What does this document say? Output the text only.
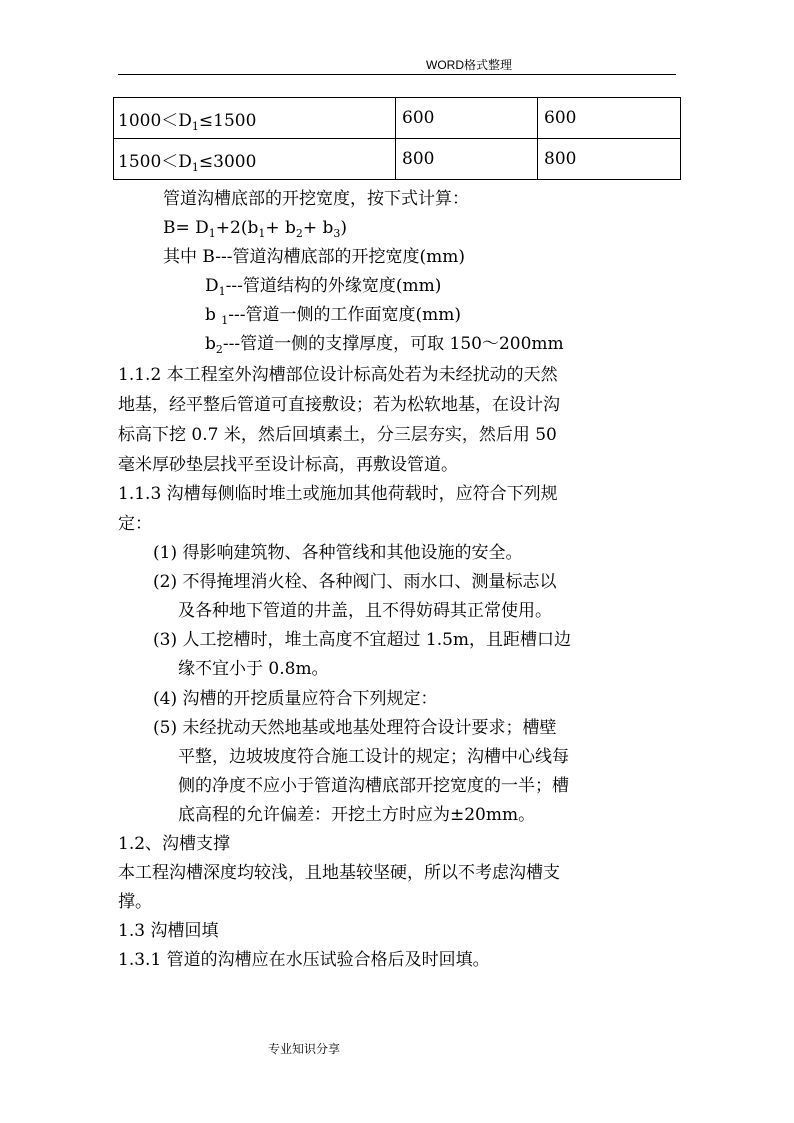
WORD格式整理
$1000<D_1\le 1500$	600	600
$1500<D_1\le 3000$	800	800
管道沟槽底部的开挖宽度，按下式计算：
$B= D_1+2(b_1+ b_2+ b_3)$
其中 B---管道沟槽底部的开挖宽度(mm)
$D_1---$管道结构的外缘宽度(mm)
b $_1$---管道一侧的工作面宽度(mm)
$b_2---$管道一侧的支撑厚度，可取 150～200mm
1.1.2 本工程室外沟槽部位设计标高处若为未经扰动的天然
地基，经平整后管道可直接敷设；若为松软地基，在设计沟
标高下挖 0.7 米，然后回填素土，分三层夯实，然后用 50
毫米厚砂垫层找平至设计标高，再敷设管道。
1.1.3 沟槽每侧临时堆土或施加其他荷载时，应符合下列规
定：
(1) 得影响建筑物、各种管线和其他设施的安全。
(2) 不得掩埋消火栓、各种阀门、雨水口、测量标志以
及各种地下管道的井盖，且不得妨碍其正常使用。
(3) 人工挖槽时，堆土高度不宜超过 1.5m，且距槽口边
缘不宜小于 0.8m。
(4) 沟槽的开挖质量应符合下列规定：
(5) 未经扰动天然地基或地基处理符合设计要求；槽壁
平整，边坡坡度符合施工设计的规定；沟槽中心线每
侧的净度不应小于管道沟槽底部开挖宽度的一半；槽
底高程的允许偏差：开挖土方时应为±20mm。
1.2、沟槽支撑
本工程沟槽深度均较浅，且地基较坚硬，所以不考虑沟槽支
撑。
1.3 沟槽回填
1.3.1 管道的沟槽应在水压试验合格后及时回填。
专业知识分享
